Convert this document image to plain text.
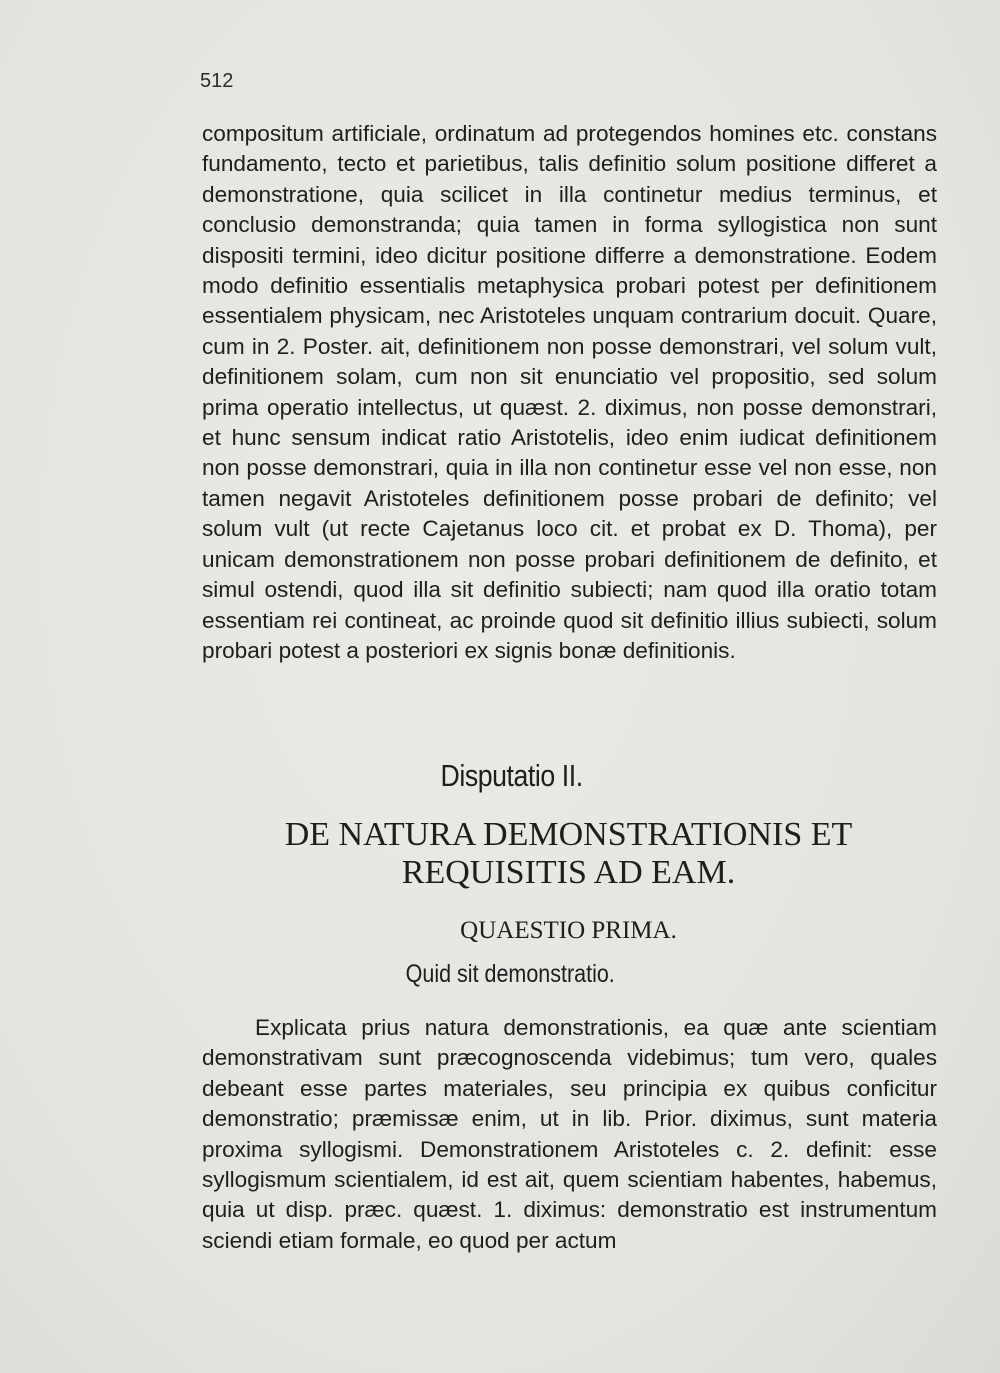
512

compositum artificiale, ordinatum ad protegendos homines etc. constans fundamento, tecto et parietibus, talis definitio solum positione differet a demonstratione, quia scilicet in illa continetur medius terminus, et conclusio demonstranda; quia tamen in forma syllogistica non sunt dispositi termini, ideo dicitur positione differre a demonstratione. Eodem modo definitio essentialis metaphysica probari potest per definitionem essentialem physicam, nec Aristoteles unquam contrarium docuit. Quare, cum in 2. Poster. ait, definitionem non posse demonstrari, vel solum vult, definitionem solam, cum non sit enunciatio vel propositio, sed solum prima operatio intellectus, ut quæst. 2. diximus, non posse demonstrari, et hunc sensum indicat ratio Aristotelis, ideo enim iudicat definitionem non posse demonstrari, quia in illa non continetur esse vel non esse, non tamen negavit Aristoteles definitionem posse probari de definito; vel solum vult (ut recte Cajetanus loco cit. et probat ex D. Thoma), per unicam demonstrationem non posse probari definitionem de definito, et simul ostendi, quod illa sit definitio subiecti; nam quod illa oratio totam essentiam rei contineat, ac proinde quod sit definitio illius subiecti, solum probari potest a posteriori ex signis bonæ definitionis.

Disputatio II.
DE NATURA DEMONSTRATIONIS ET
REQUISITIS AD EAM.
QUAESTIO PRIMA.
Quid sit demonstratio.

Explicata prius natura demonstrationis, ea quæ ante scientiam demonstrativam sunt præcognoscenda videbimus; tum vero, quales debeant esse partes materiales, seu principia ex quibus conficitur demonstratio; præmissæ enim, ut in lib. Prior. diximus, sunt materia proxima syllogismi. Demonstrationem Aristoteles c. 2. definit: esse syllogismum scientialem, id est ait, quem scientiam habentes, habemus, quia ut disp. præc. quæst. 1. diximus: demonstratio est instrumentum sciendi etiam formale, eo quod per actum
